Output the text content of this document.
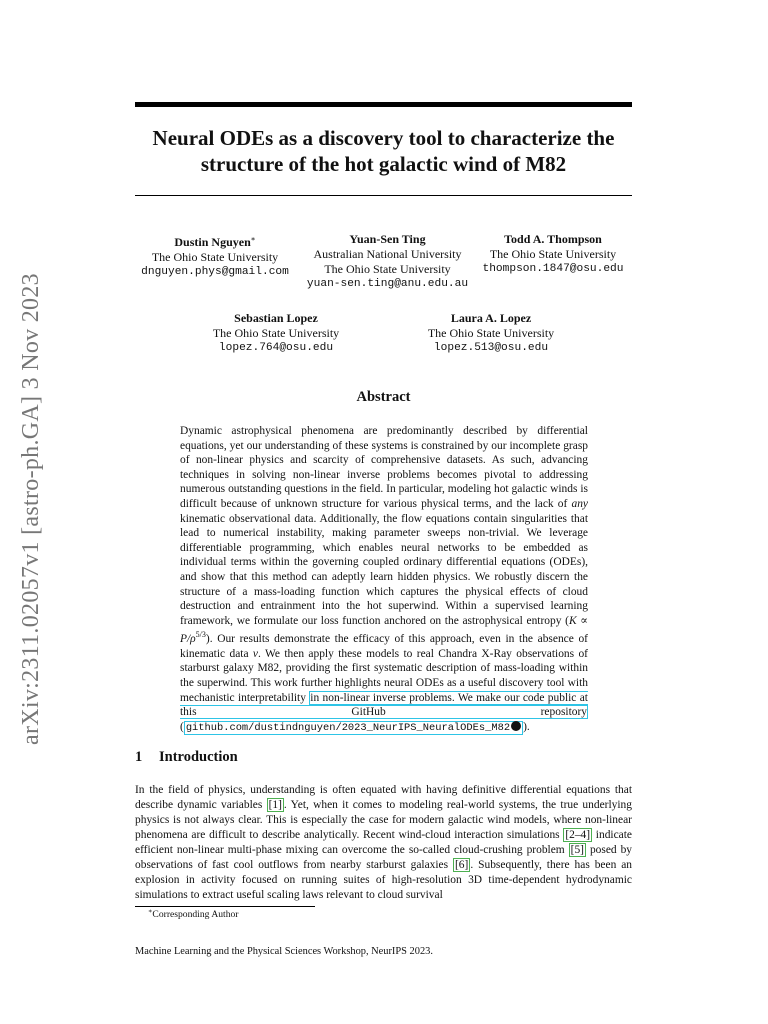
arXiv:2311.02057v1 [astro-ph.GA] 3 Nov 2023
Neural ODEs as a discovery tool to characterize the
structure of the hot galactic wind of M82
Dustin Nguyen∗
The Ohio State University
dnguyen.phys@gmail.com
Yuan-Sen Ting
Australian National University
The Ohio State University
yuan-sen.ting@anu.edu.au
Todd A. Thompson
The Ohio State University
thompson.1847@osu.edu
Sebastian Lopez
The Ohio State University
lopez.764@osu.edu
Laura A. Lopez
The Ohio State University
lopez.513@osu.edu
Abstract
Dynamic astrophysical phenomena are predominantly described by differential equations, yet our understanding of these systems is constrained by our incomplete grasp of non-linear physics and scarcity of comprehensive datasets. As such, advancing techniques in solving non-linear inverse problems becomes pivotal to addressing numerous outstanding questions in the field. In particular, modeling hot galactic winds is difficult because of unknown structure for various physical terms, and the lack of any kinematic observational data. Additionally, the flow equations contain singularities that lead to numerical instability, making parameter sweeps non-trivial. We leverage differentiable programming, which enables neural networks to be embedded as individual terms within the governing coupled ordinary differential equations (ODEs), and show that this method can adeptly learn hidden physics. We robustly discern the structure of a mass-loading function which captures the physical effects of cloud destruction and entrainment into the hot superwind. Within a supervised learning framework, we formulate our loss function anchored on the astrophysical entropy $(K \propto P/\rho^{5/3})$. Our results demonstrate the efficacy of this approach, even in the absence of kinematic data v. We then apply these models to real Chandra X-Ray observations of starburst galaxy M82, providing the first systematic description of mass-loading within the superwind. This work further highlights neural ODEs as a useful discovery tool with mechanistic interpretability in non-linear inverse problems. We make our code public at this GitHub repository ( github.com/dustindnguyen/2023_NeurIPS_NeuralODEs_M82 ).
1 Introduction
In the field of physics, understanding is often equated with having definitive differential equations that describe dynamic variables [1] . Yet, when it comes to modeling real-world systems, the true underlying physics is not always clear. This is especially the case for modern galactic wind models, where non-linear phenomena are difficult to describe analytically. Recent wind-cloud interaction simulations [2–4] indicate efficient non-linear multi-phase mixing can overcome the so-called cloud-crushing problem [5] posed by observations of fast cool outflows from nearby starburst galaxies [6] . Subsequently, there has been an explosion in activity focused on running suites of high-resolution 3D time-dependent hydrodynamic simulations to extract useful scaling laws relevant to cloud survival
∗Corresponding Author
Machine Learning and the Physical Sciences Workshop, NeurIPS 2023.
